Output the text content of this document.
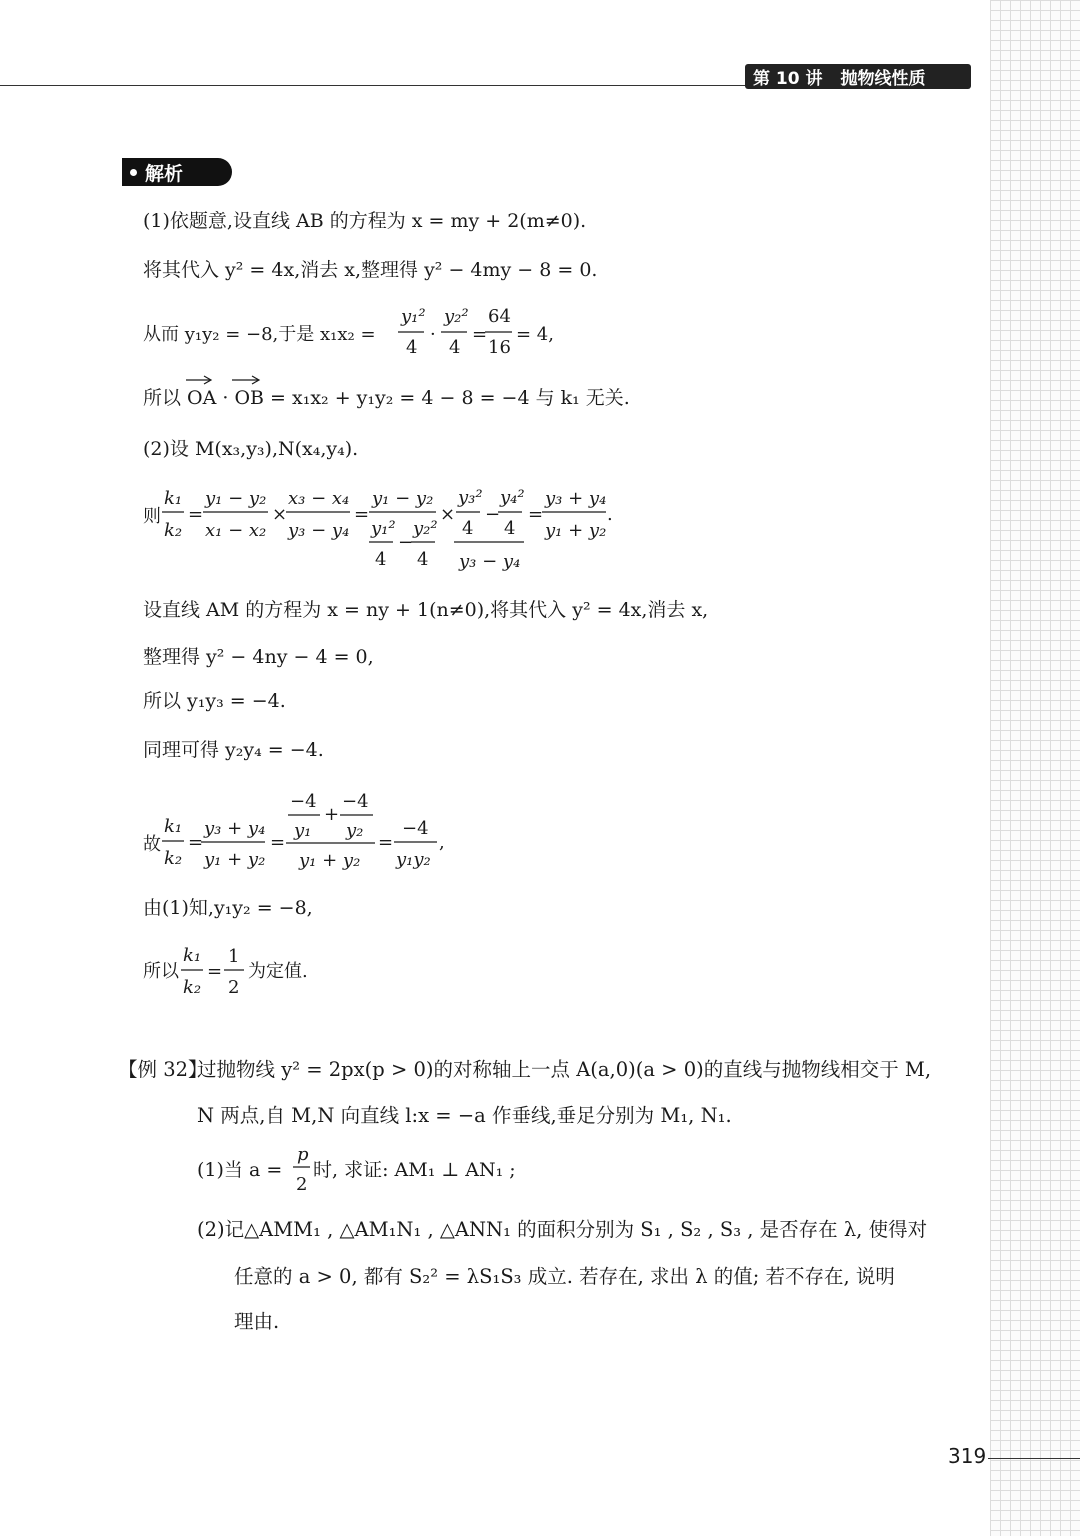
第 10 讲 抛物线性质
解析
(1)依题意,设直线 AB 的方程为 x = my + 2(m≠0).
将其代入 y² = 4x,消去 x,整理得 y² − 4my − 8 = 0.
从而 y₁y₂ = −8,于是 x₁x₂ =
y₁²
4
·
y₂²
4
=
64
16
= 4,
所以 OA · OB = x₁x₂ + y₁y₂ = 4 − 8 = −4 与 k₁ 无关.
(2)设 M(x₃,y₃),N(x₄,y₄).
则
k₁
k₂
=
y₁ − y₂
x₁ − x₂
×
x₃ − x₄
y₃ − y₄
=
y₁ − y₂
y₁²
4
−
y₂²
4
×
y₃²
4
−
y₄²
4
y₃ − y₄
=
y₃ + y₄
y₁ + y₂
.
设直线 AM 的方程为 x = ny + 1(n≠0),将其代入 y² = 4x,消去 x,
整理得 y² − 4ny − 4 = 0,
所以 y₁y₃ = −4.
同理可得 y₂y₄ = −4.
故
k₁
k₂
=
y₃ + y₄
y₁ + y₂
=
−4
y₁
+
−4
y₂
y₁ + y₂
=
−4
y₁y₂
,
由(1)知,y₁y₂ = −8,
所以
k₁
k₂
=
1
2
为定值.
【例 32】
过抛物线 y² = 2px(p > 0)的对称轴上一点 A(a,0)(a > 0)的直线与抛物线相交于 M,
N 两点,自 M,N 向直线 l:x = −a 作垂线,垂足分别为 M₁, N₁.
(1)当 a =
p
2
时, 求证: AM₁ ⊥ AN₁ ;
(2)记△AMM₁ , △AM₁N₁ , △ANN₁ 的面积分别为 S₁ , S₂ , S₃ , 是否存在 λ, 使得对
任意的 a > 0, 都有 S₂² = λS₁S₃ 成立. 若存在, 求出 λ 的值; 若不存在, 说明
理由.
319
